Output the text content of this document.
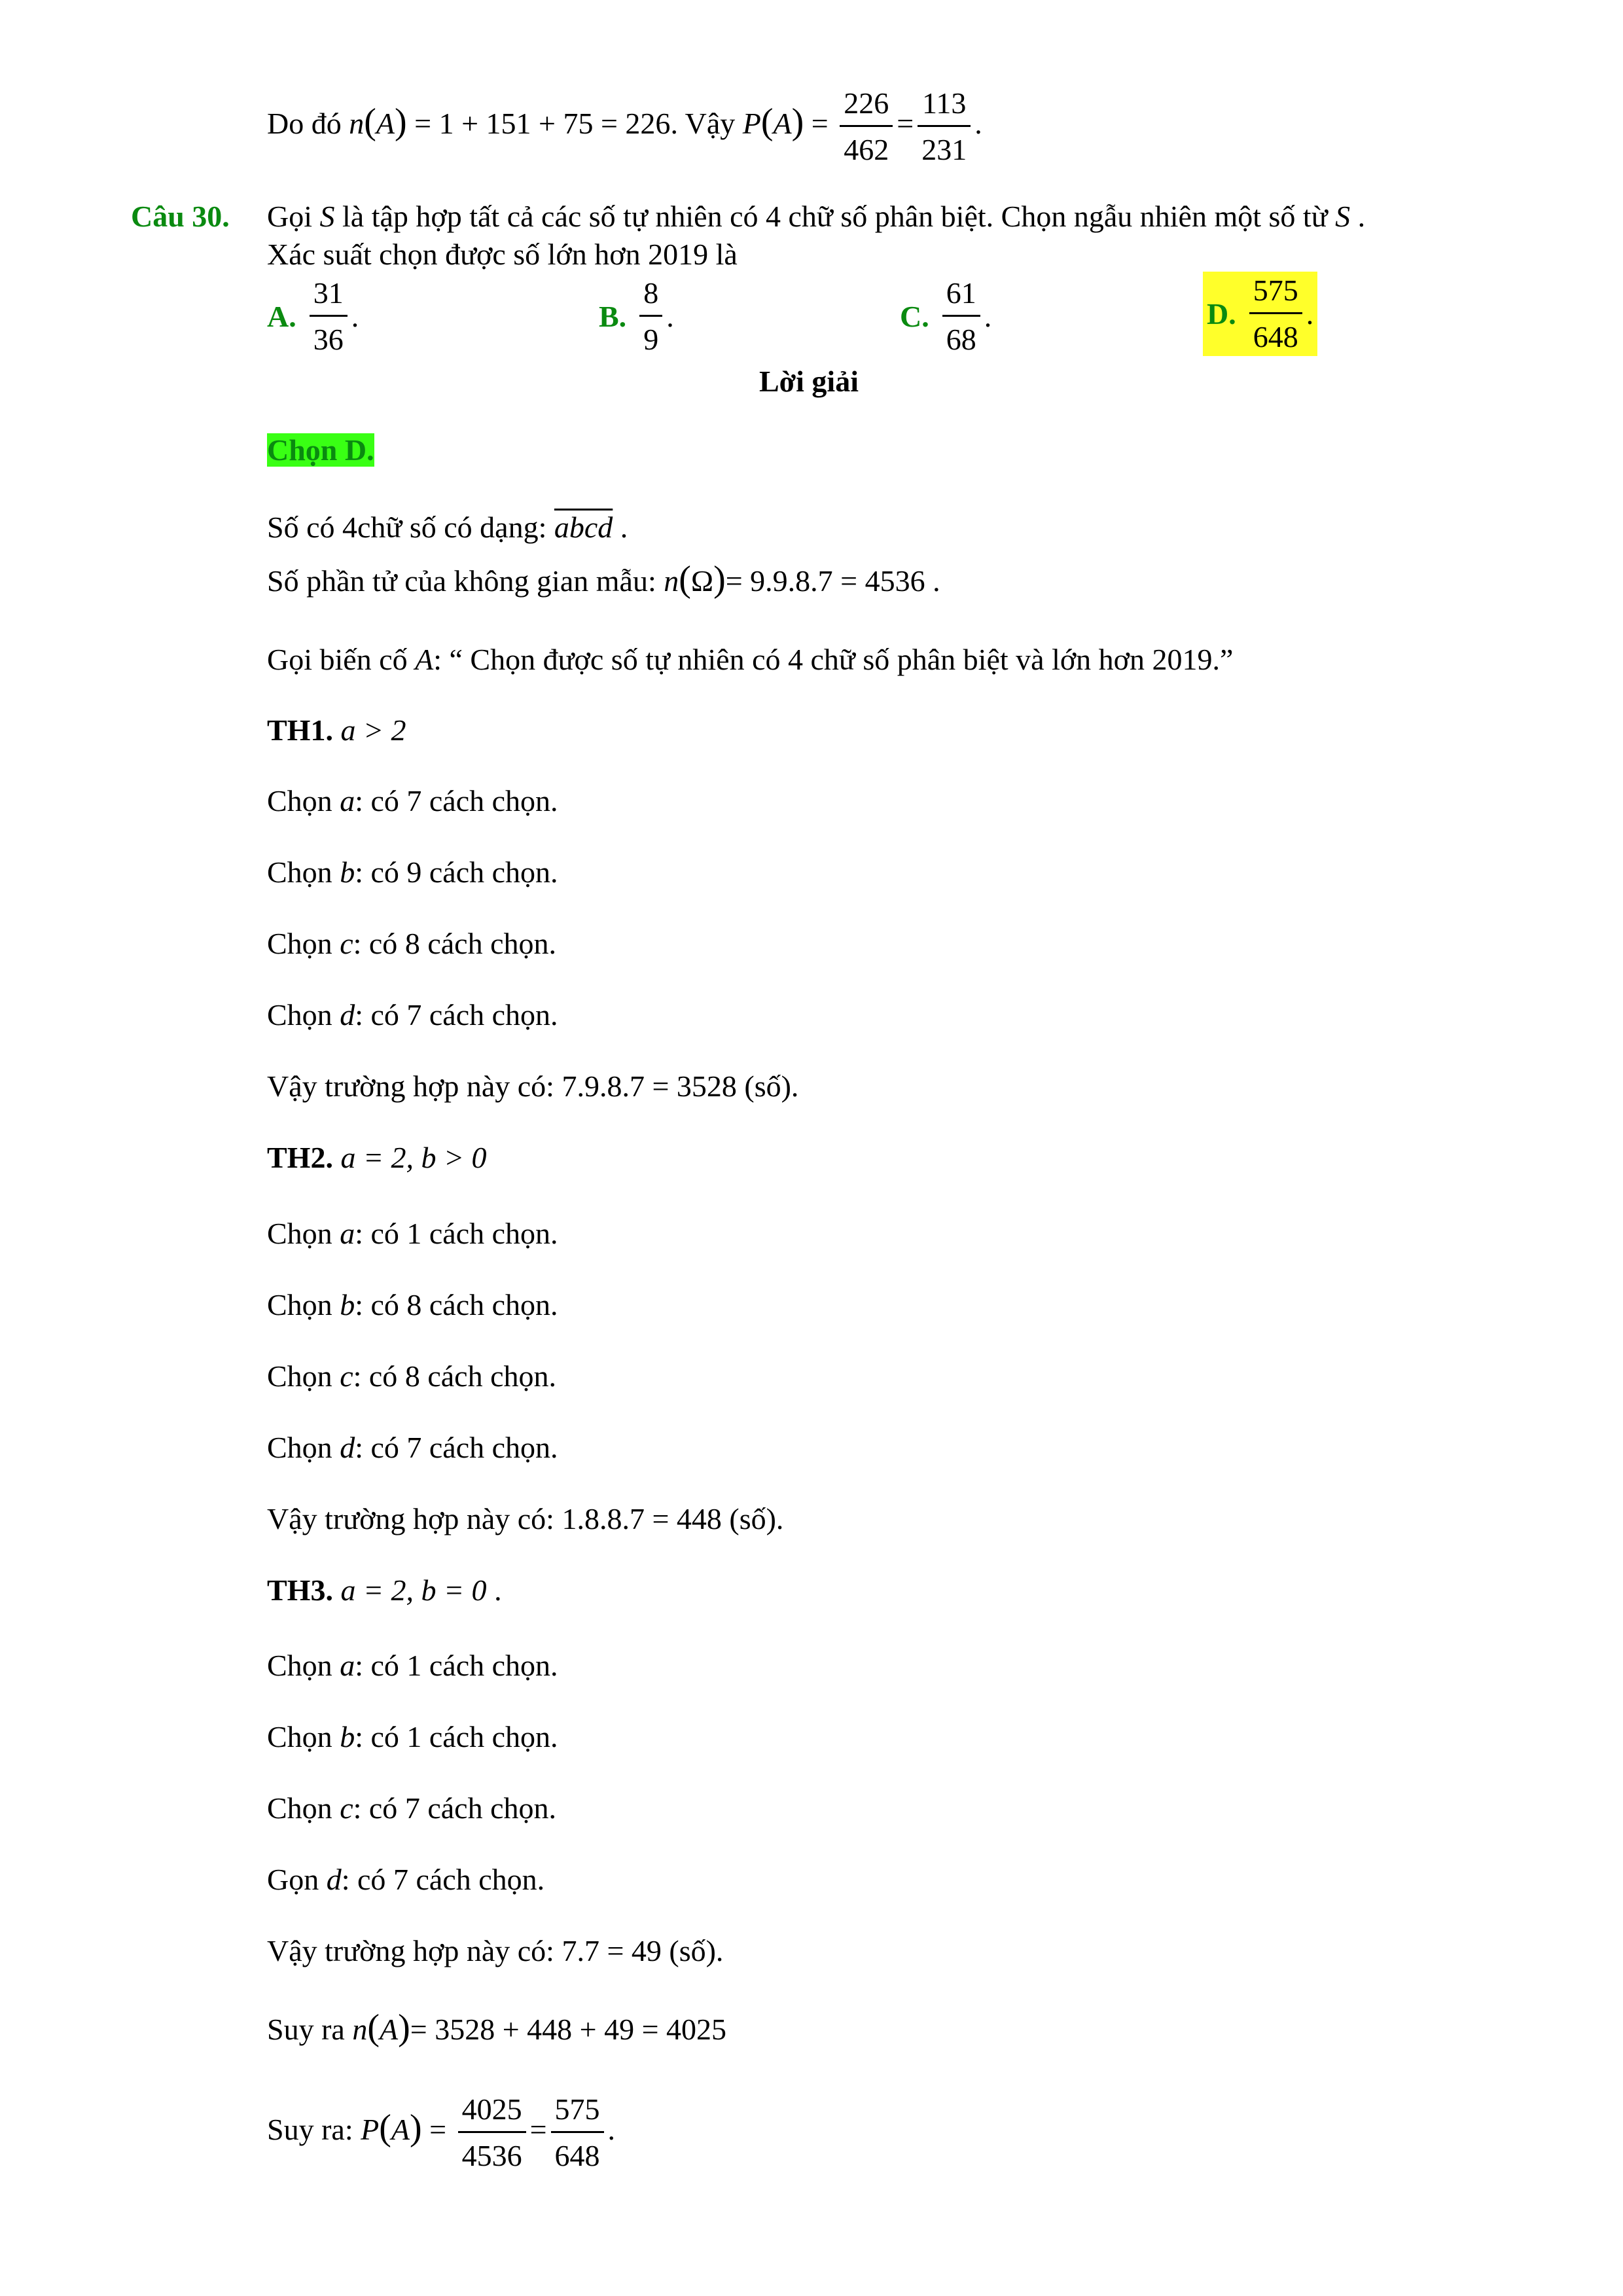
Do đó n(A) = 1 + 151 + 75 = 226. Vậy $P(A) = \frac{226}{462} = \frac{113}{231}$ .
Câu 30. Gọi S là tập hợp tất cả các số tự nhiên có 4 chữ số phân biệt. Chọn ngẫu nhiên một số từ S .
Xác suất chọn được số lớn hơn 2019 là
A. $\frac{31}{36}$ .	B. $\frac{8}{9}$ .	C. $\frac{61}{68}$ .	D. $\frac{575}{648}$ .
Lời giải
Chọn D.
Số có 4chữ số có dạng: abcd .
Số phần tử của không gian mẫu: n(Ω)= 9.9.8.7 = 4536 .
Gọi biến cố A: “ Chọn được số tự nhiên có 4 chữ số phân biệt và lớn hơn 2019.”
TH1. a > 2
Chọn a: có 7 cách chọn.
Chọn b: có 9 cách chọn.
Chọn c: có 8 cách chọn.
Chọn d: có 7 cách chọn.
Vậy trường hợp này có: 7.9.8.7 = 3528 (số).
TH2. a = 2, b > 0
Chọn a: có 1 cách chọn.
Chọn b: có 8 cách chọn.
Chọn c: có 8 cách chọn.
Chọn d: có 7 cách chọn.
Vậy trường hợp này có: 1.8.8.7 = 448 (số).
TH3. a = 2, b = 0 .
Chọn a: có 1 cách chọn.
Chọn b: có 1 cách chọn.
Chọn c: có 7 cách chọn.
Gọn d: có 7 cách chọn.
Vậy trường hợp này có: 7.7 = 49 (số).
Suy ra n(A)= 3528 + 448 + 49 = 4025
Suy ra: $P(A) = \frac{4025}{4536} = \frac{575}{648}$ .
